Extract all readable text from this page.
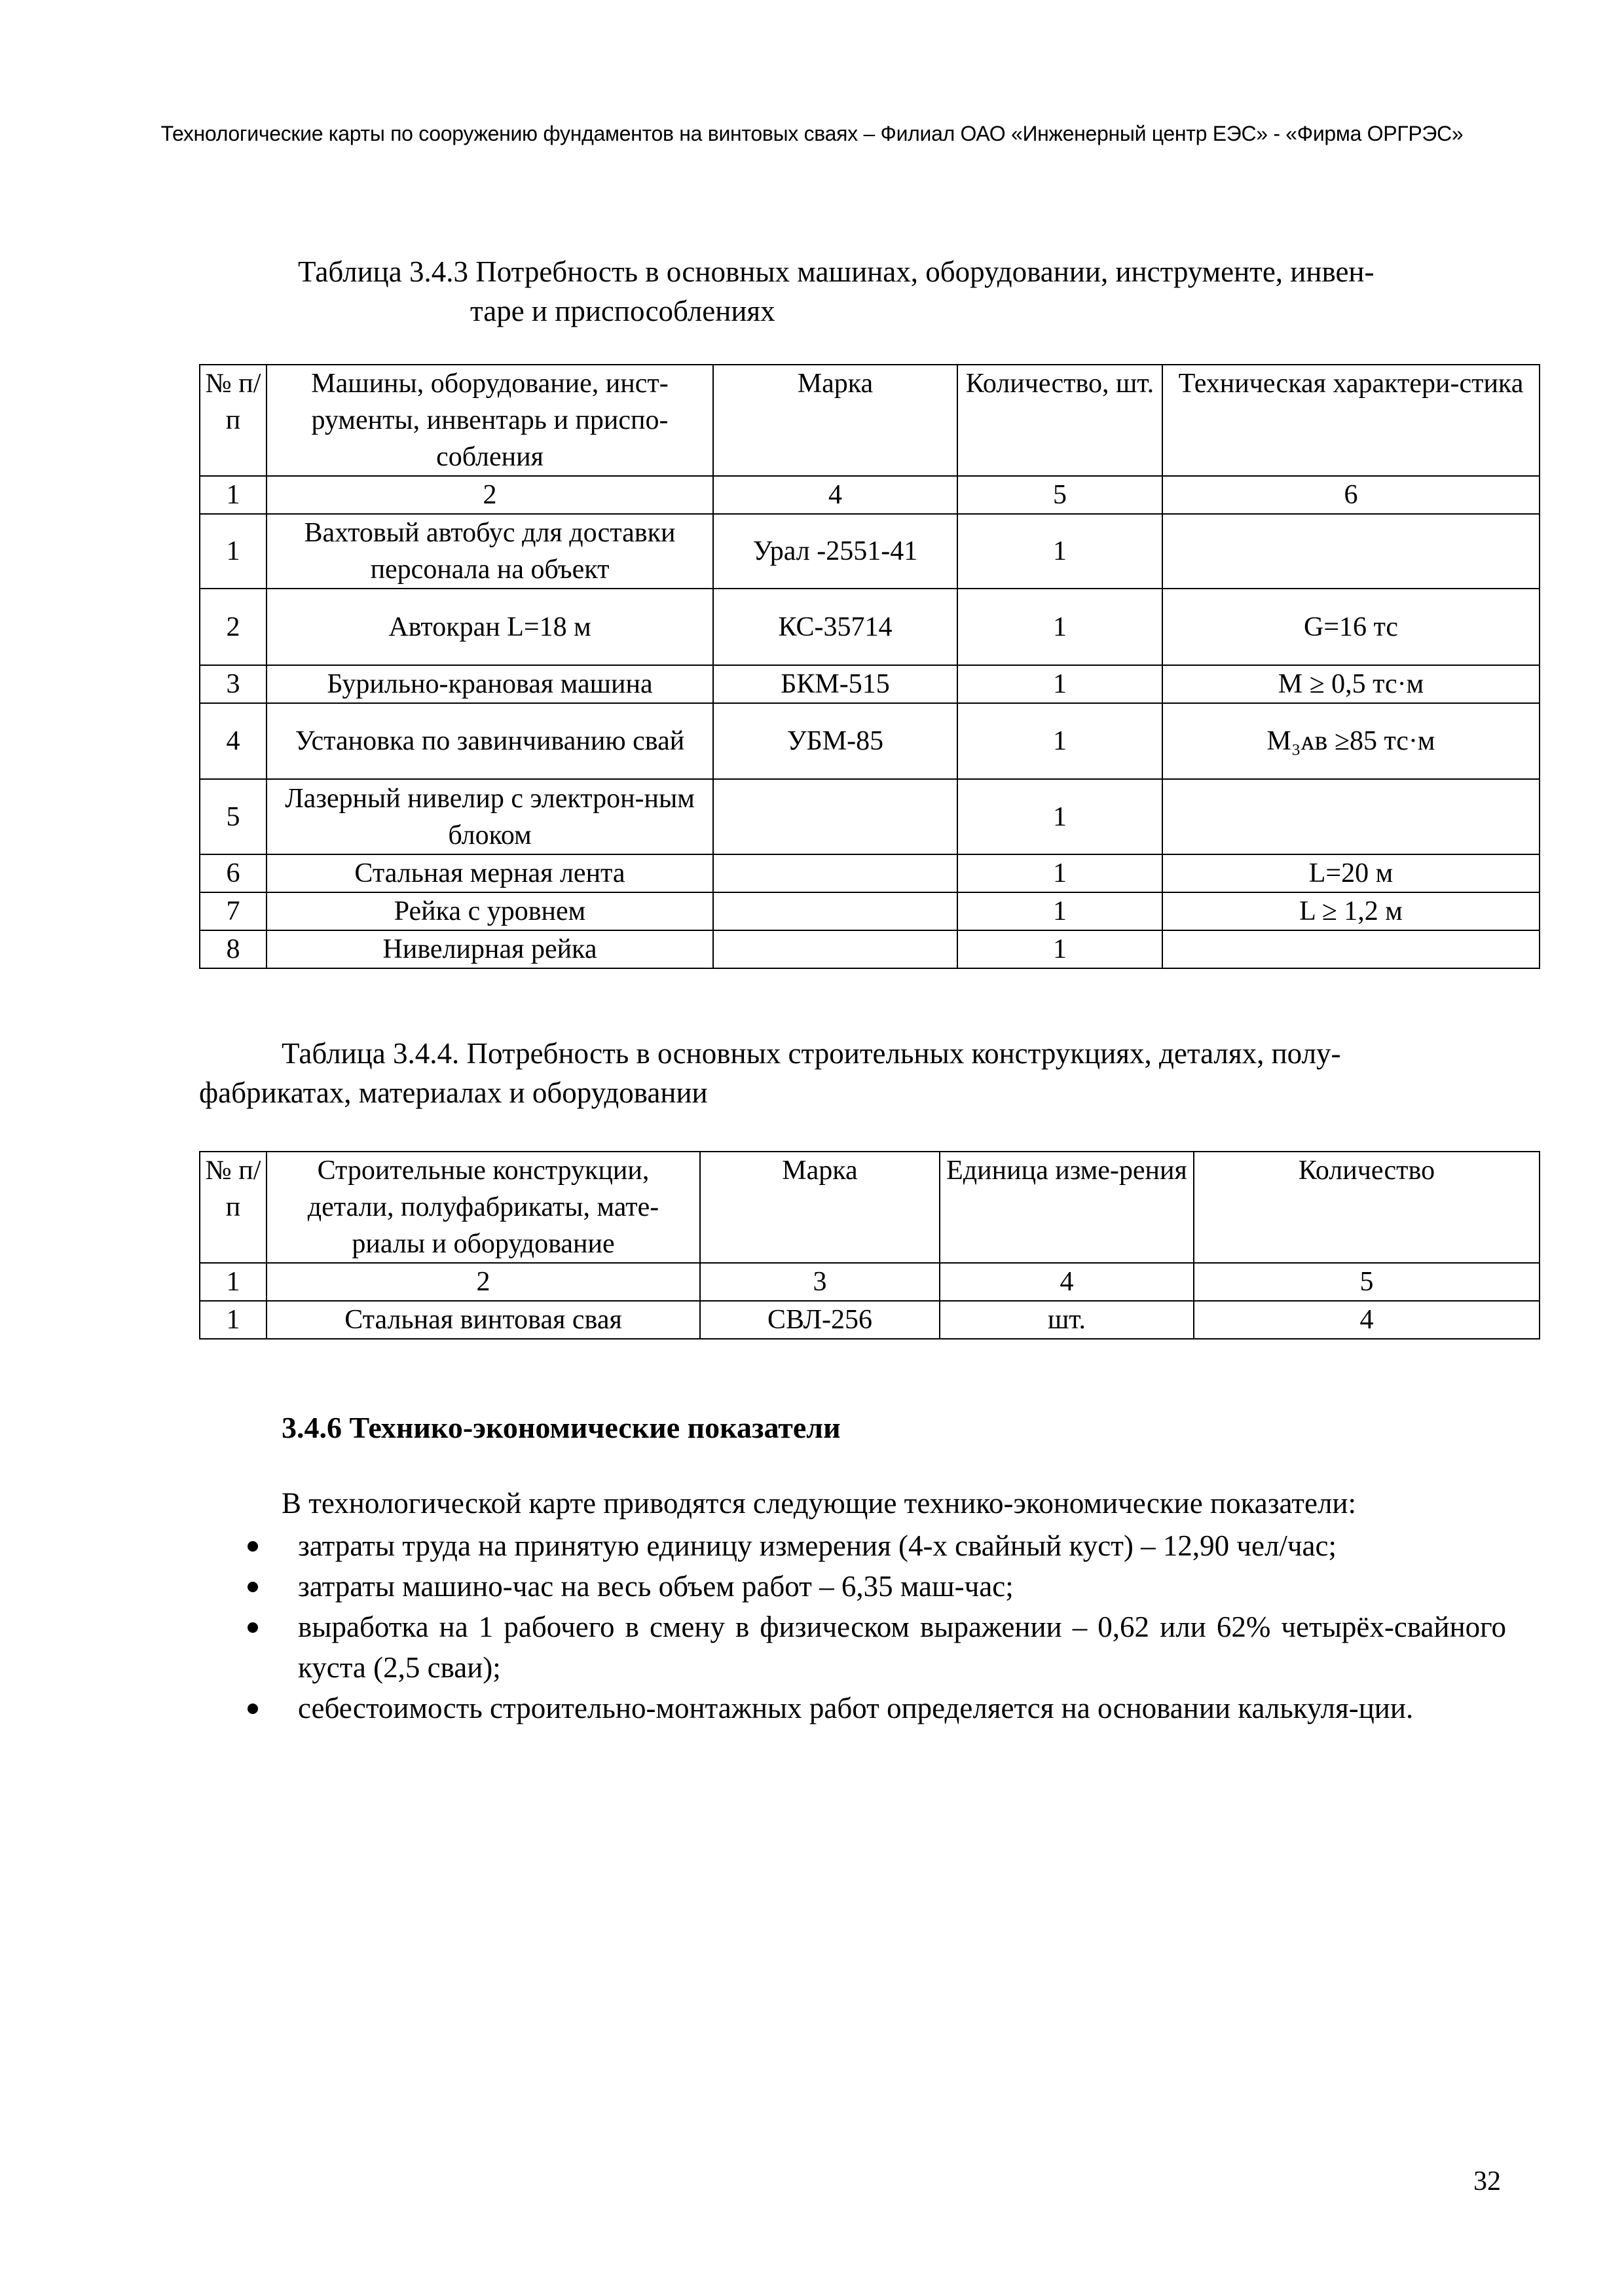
Технологические карты по сооружению фундаментов на винтовых сваях – Филиал ОАО «Инженерный центр ЕЭС» - «Фирма ОРГРЭС»
Таблица 3.4.3 Потребность в основных машинах, оборудовании, инструменте, инвен-
таре и приспособлениях
№ п/п	Машины, оборудование, инст-рументы, инвентарь и приспо-собления	Марка	Количество, шт.	Техническая характери-стика
1	2	4	5	6
1	Вахтовый автобус для доставки персонала на объект	Урал -2551-41	1	
2	Автокран L=18 м	КС-35714	1	G=16 тс
3	Бурильно-крановая машина	БКМ-515	1	M ≥ 0,5 тс·м
4	Установка по завинчиванию свай	УБМ-85	1	M₃ᴀʙ ≥85 тс·м
5	Лазерный нивелир с электрон-ным блоком		1	
6	Стальная мерная лента		1	L=20 м
7	Рейка с уровнем		1	L ≥ 1,2 м
8	Нивелирная рейка		1	
Таблица 3.4.4. Потребность в основных строительных конструкциях, деталях, полу-
фабрикатах, материалах и оборудовании
№ п/п	Строительные конструкции, детали, полуфабрикаты, мате-риалы и оборудование	Марка	Единица изме-рения	Количество
1	2	3	4	5
1	Стальная винтовая свая	СВЛ-256	шт.	4
3.4.6 Технико-экономические показатели
В технологической карте приводятся следующие технико-экономические показатели:
затраты труда на принятую единицу измерения (4-х свайный куст) – 12,90 чел/час;
затраты машино-час на весь объем работ – 6,35 маш-час;
выработка на 1 рабочего в смену в физическом выражении – 0,62 или 62% четырёх-свайного куста (2,5 сваи);
себестоимость строительно-монтажных работ определяется на основании калькуля-ции.
32
